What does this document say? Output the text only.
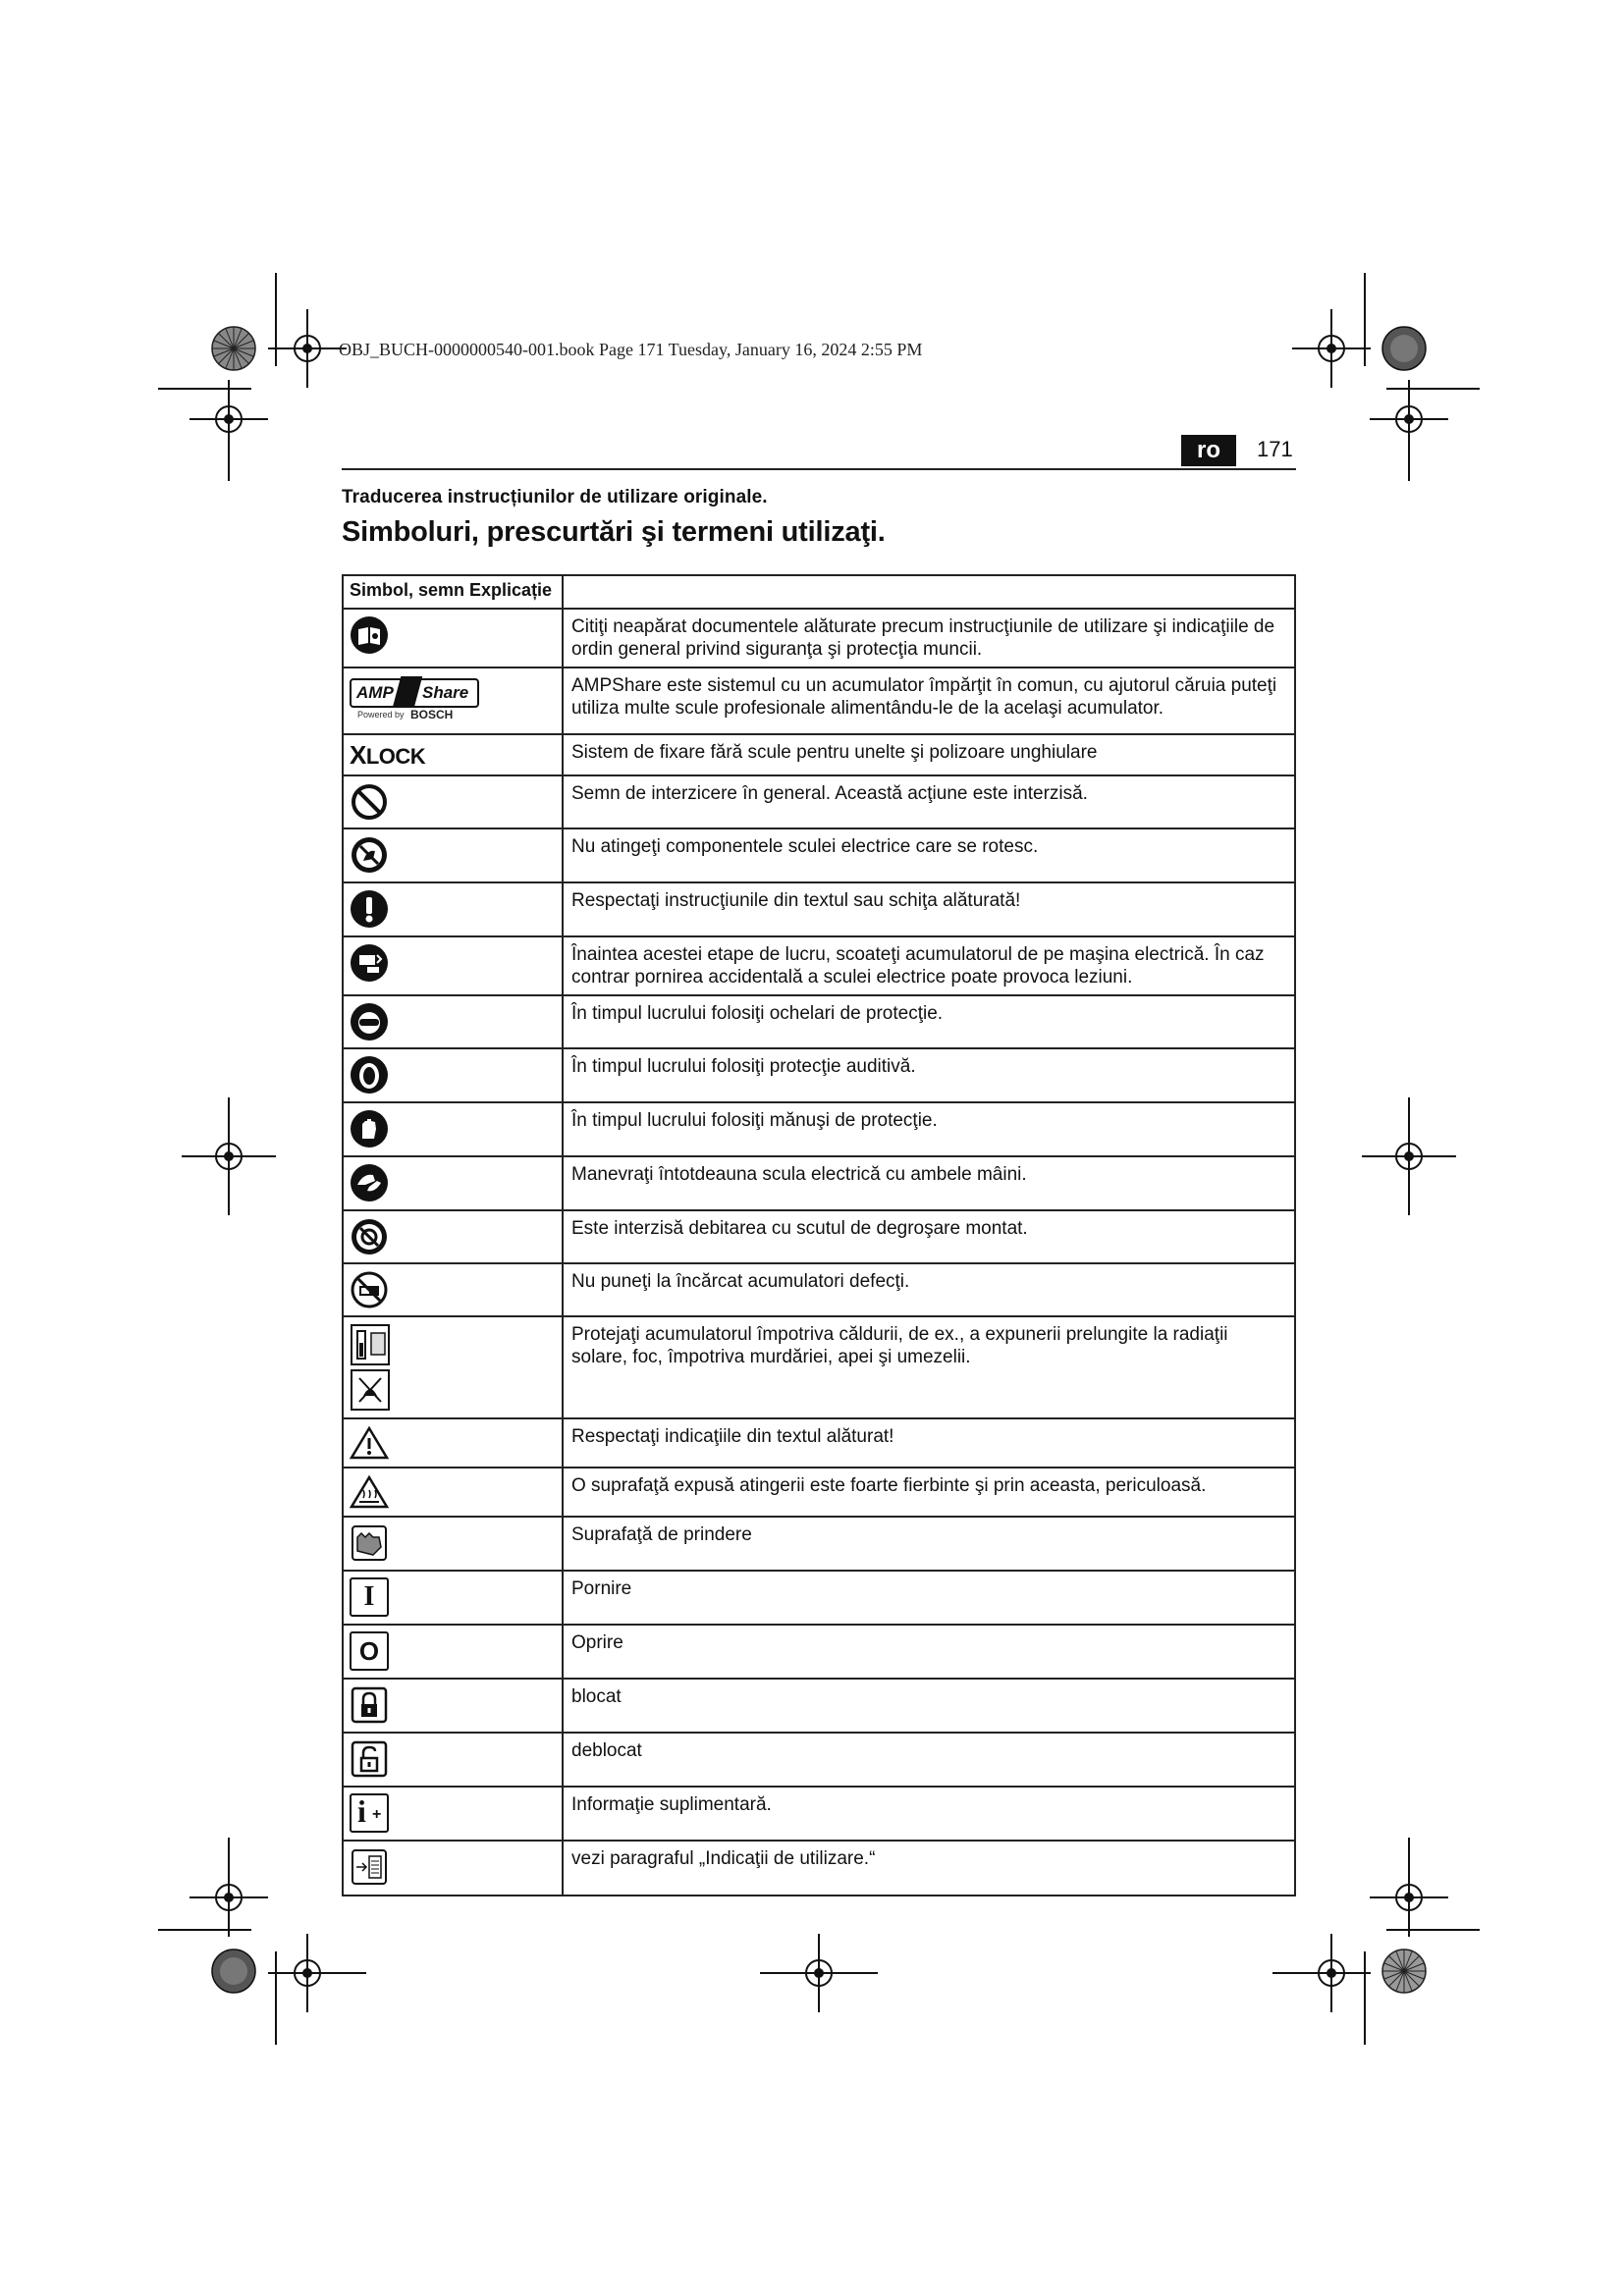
OBJ_BUCH-0000000540-001.book Page 171 Tuesday, January 16, 2024 2:55 PM
ro	171
Traducerea instrucțiunilor de utilizare originale.
Simboluri, prescurtări şi termeni utilizaţi.
Simbol, semn Explicație	

	Citiţi neapărat documentele alăturate precum instrucţiunile de utilizare şi indicaţiile de ordin general privind siguranţa şi protecţia muncii.

AMP Share
Powered by BOSCH	AMPShare este sistemul cu un acumulator împărţit în comun, cu ajutorul căruia puteţi utiliza multe scule profesionale alimentându-le de la acelaşi acumulator.

XLOCK	Sistem de fixare fără scule pentru unelte şi polizoare unghiulare

	Semn de interzicere în general. Această acţiune este interzisă.

	Nu atingeţi componentele sculei electrice care se rotesc.

	Respectaţi instrucţiunile din textul sau schiţa alăturată!

	Înaintea acestei etape de lucru, scoateţi acumulatorul de pe maşina electrică. În caz contrar pornirea accidentală a sculei electrice poate provoca leziuni.

	În timpul lucrului folosiţi ochelari de protecţie.

	În timpul lucrului folosiţi protecţie auditivă.

	În timpul lucrului folosiţi mănuşi de protecţie.

	Manevraţi întotdeauna scula electrică cu ambele mâini.

	Este interzisă debitarea cu scutul de degroşare montat.

	Nu puneţi la încărcat acumulatori defecţi.

	Protejaţi acumulatorul împotriva căldurii, de ex., a expunerii prelungite la radiaţii solare, foc, împotriva murdăriei, apei şi umezelii.

	Respectaţi indicaţiile din textul alăturat!

	O suprafaţă expusă atingerii este foarte fierbinte şi prin aceasta, periculoasă.

	Suprafaţă de prindere

I	Pornire

O	Oprire

	blocat

	deblocat

i +	Informaţie suplimentară.

	vezi paragraful „Indicaţii de utilizare.“
